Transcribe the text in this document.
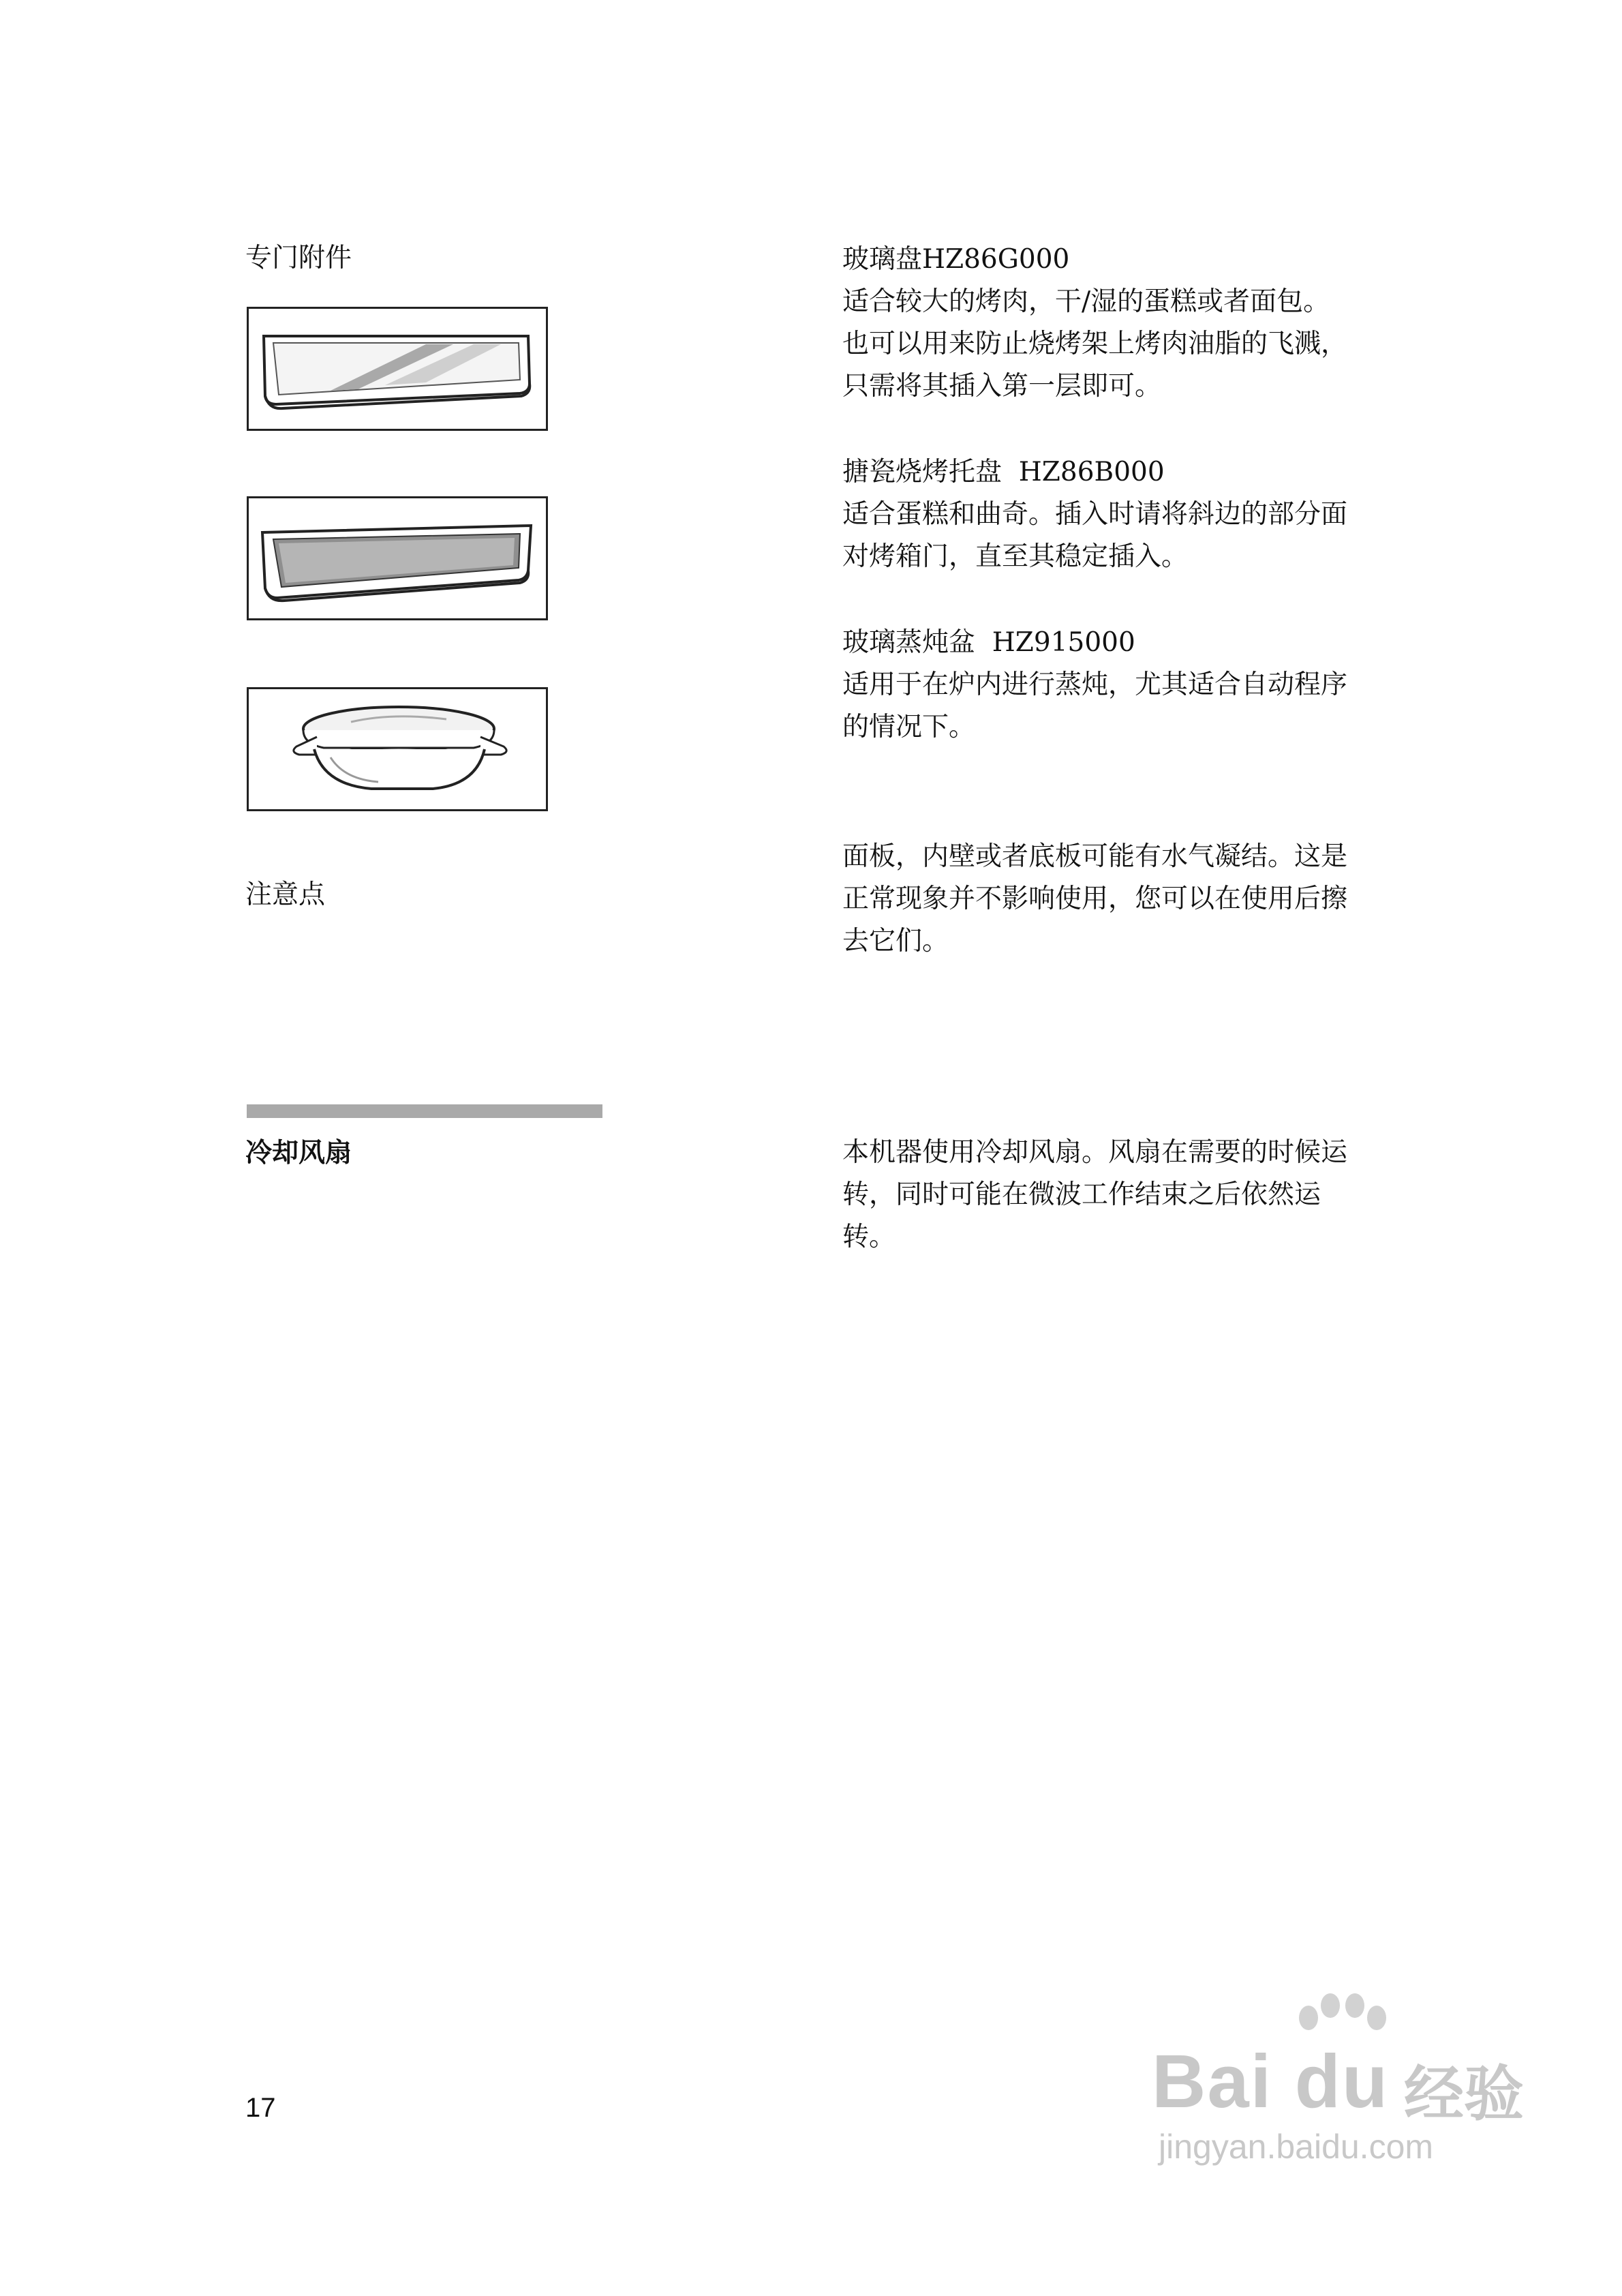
专门附件
注意点
冷却风扇

玻璃盘HZ86G000

适合较大的烤肉，干/湿的蛋糕或者面包。

也可以用来防止烧烤架上烤肉油脂的飞溅，

只需将其插入第一层即可。

搪瓷烧烤托盘  HZ86B000

适合蛋糕和曲奇。插入时请将斜边的部分面

对烤箱门，直至其稳定插入。

玻璃蒸炖盆  HZ915000

适用于在炉内进行蒸炖，尤其适合自动程序

的情况下。

面板，内壁或者底板可能有水气凝结。这是

正常现象并不影响使用，您可以在使用后擦

去它们。

本机器使用冷却风扇。风扇在需要的时候运

转，同时可能在微波工作结束之后依然运

转。

17	Bai du 经验
jingyan.baidu.com
